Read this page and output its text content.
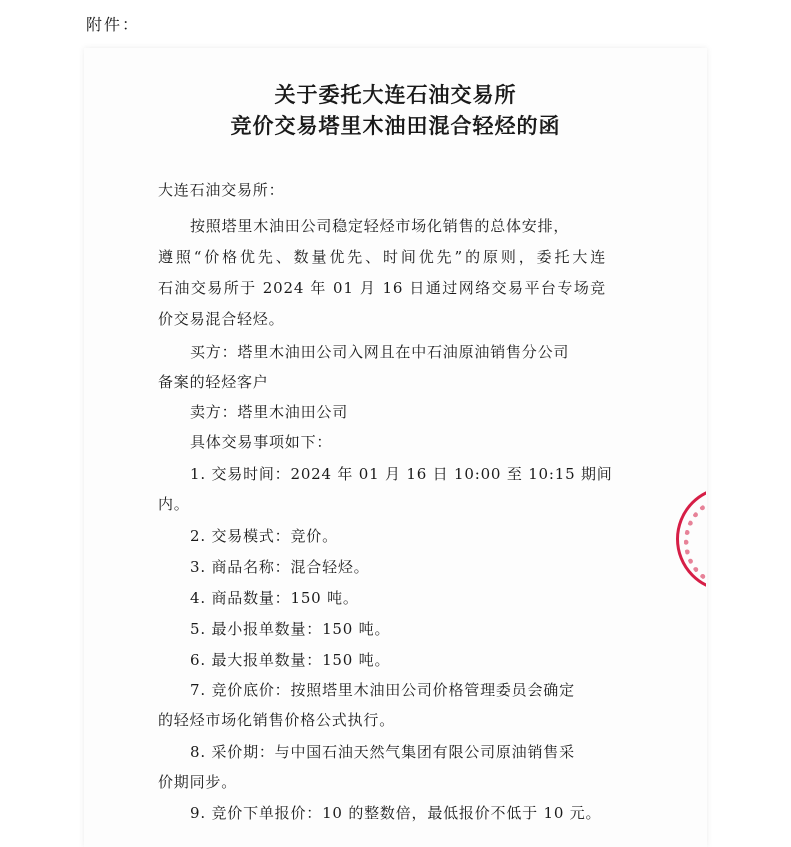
附件：
关于委托大连石油交易所
竞价交易塔里木油田混合轻烃的函
大连石油交易所：
按照塔里木油田公司稳定轻烃市场化销售的总体安排，
遵照“价格优先、数量优先、时间优先”的原则，委托大连
石油交易所于 2024 年 01 月 16 日通过网络交易平台专场竞
价交易混合轻烃。
买方：塔里木油田公司入网且在中石油原油销售分公司
备案的轻烃客户
卖方：塔里木油田公司
具体交易事项如下：
1. 交易时间：2024 年 01 月 16 日 10:00 至 10:15 期间
内。
2. 交易模式：竞价。
3. 商品名称：混合轻烃。
4. 商品数量：150 吨。
5. 最小报单数量：150 吨。
6. 最大报单数量：150 吨。
7. 竞价底价：按照塔里木油田公司价格管理委员会确定
的轻烃市场化销售价格公式执行。
8. 采价期：与中国石油天然气集团有限公司原油销售采
价期同步。
9. 竞价下单报价：10 的整数倍，最低报价不低于 10 元。
